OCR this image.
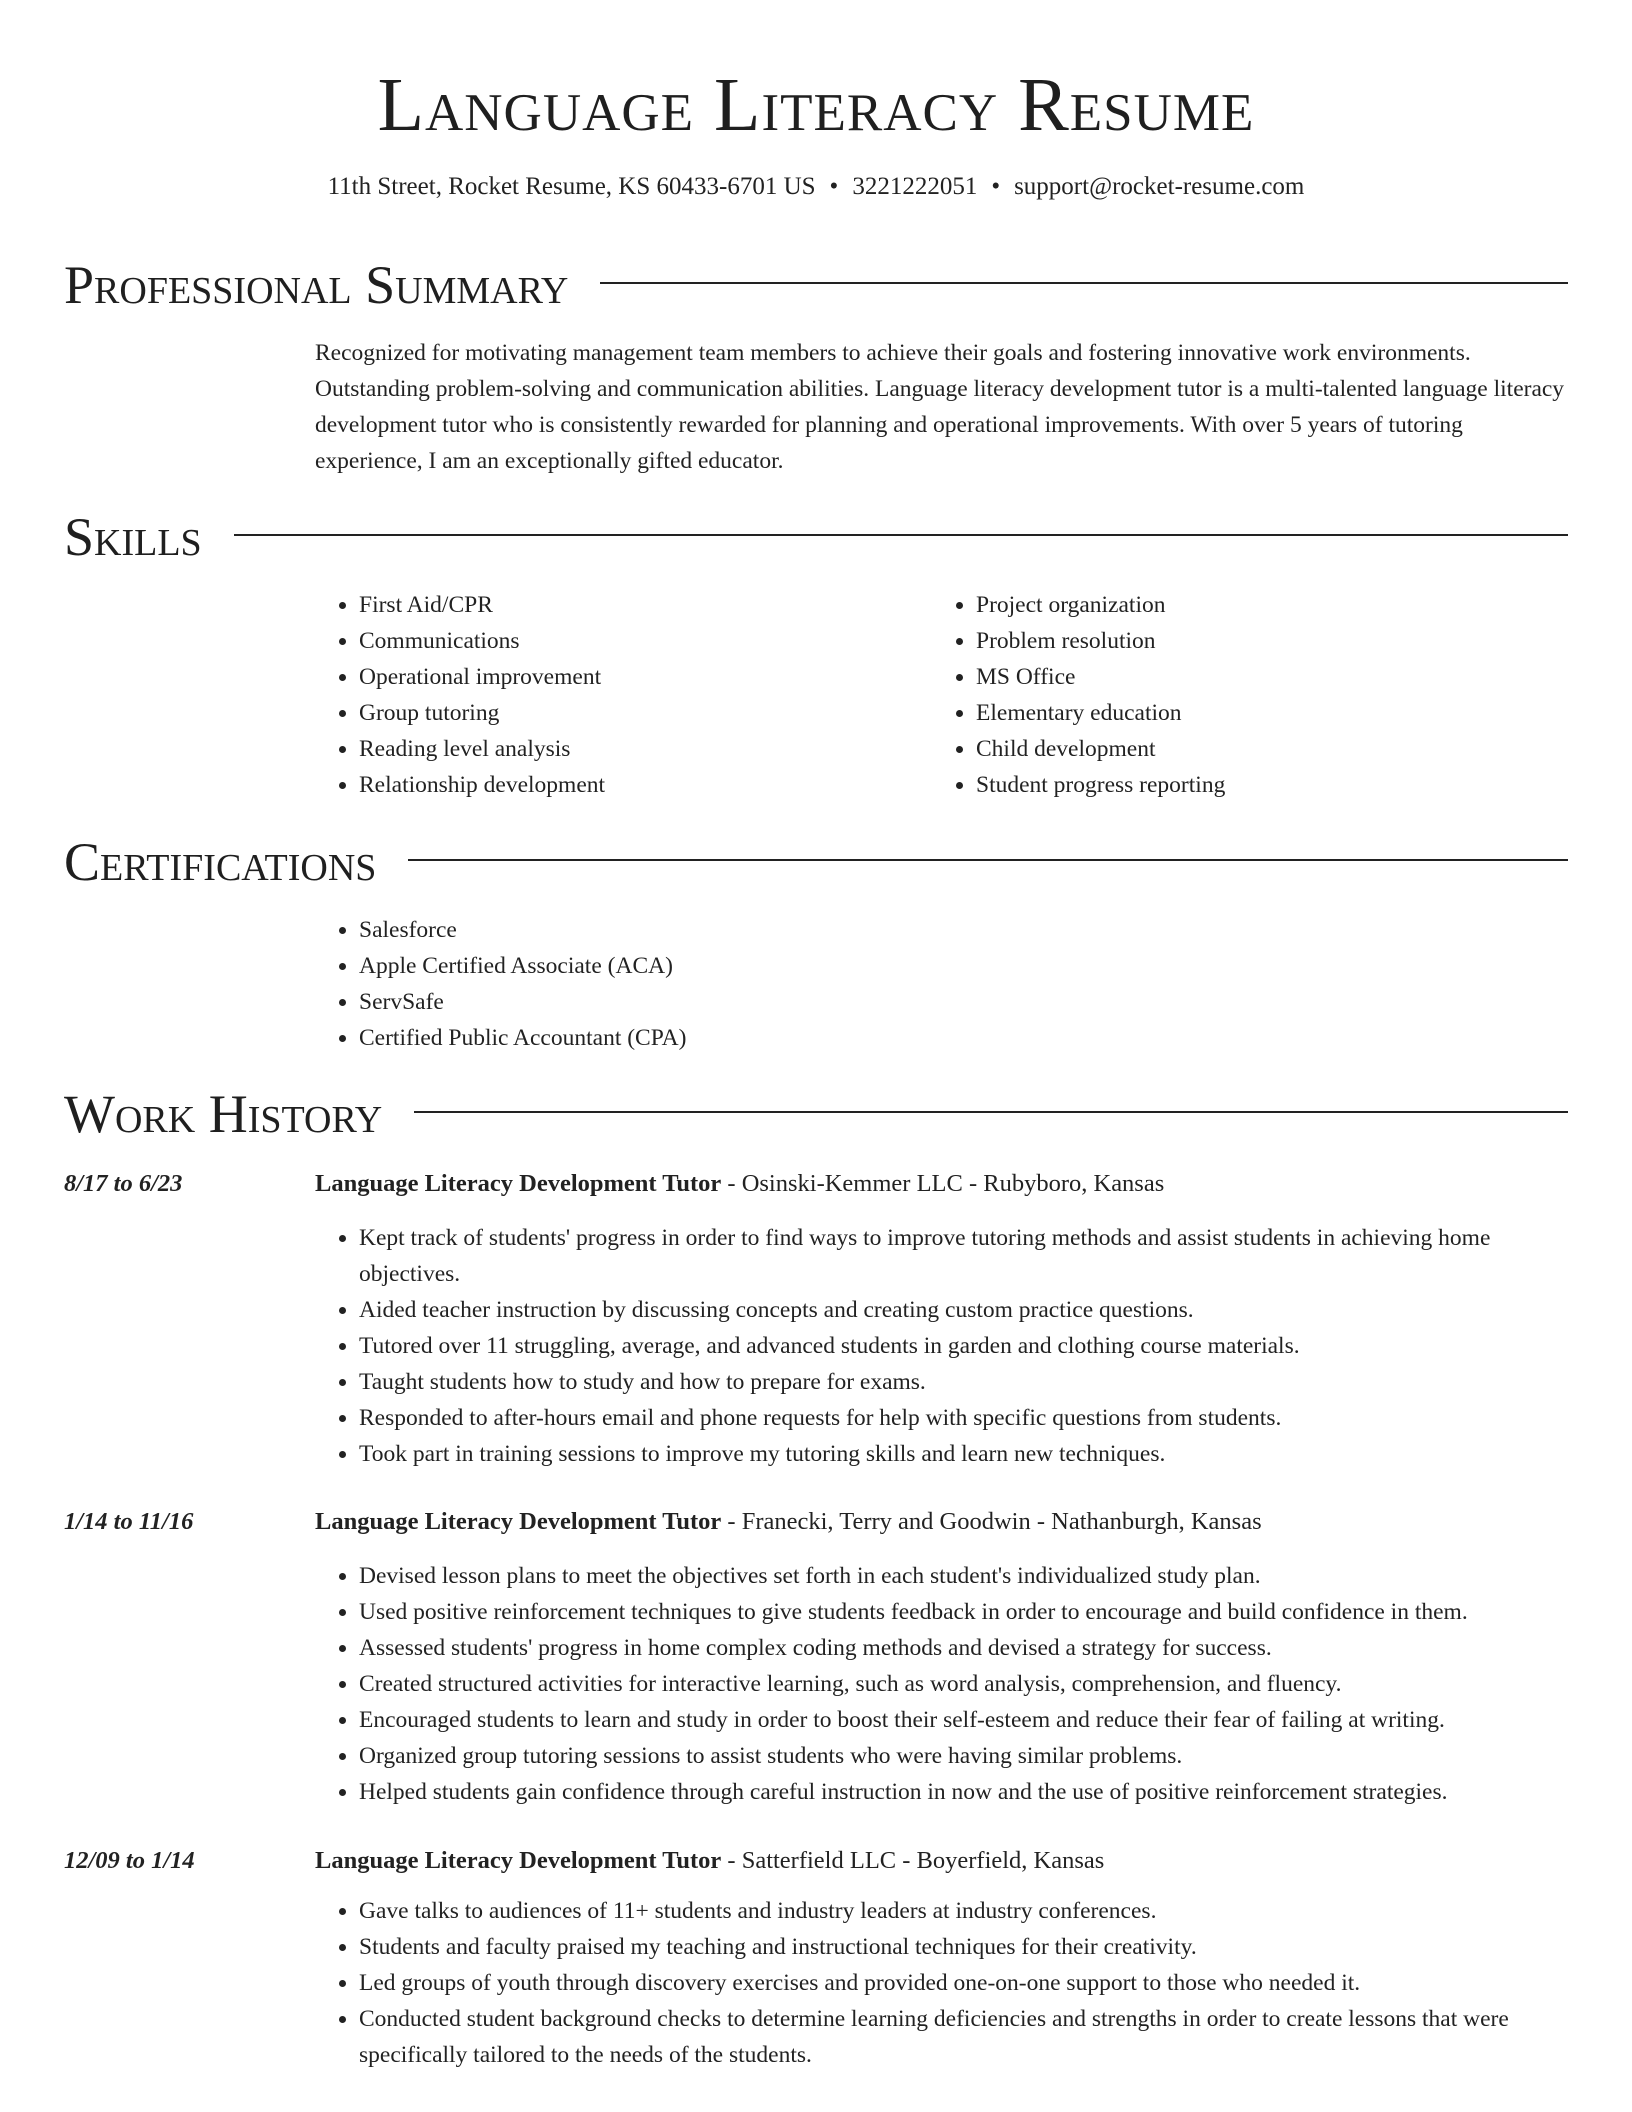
Language Literacy Resume
11th Street, Rocket Resume, KS 60433-6701 US • 3221222051 • support@rocket-resume.com
Professional Summary

Recognized for motivating management team members to achieve their goals and fostering innovative work environments. Outstanding problem-solving and communication abilities. Language literacy development tutor is a multi-talented language literacy development tutor who is consistently rewarded for planning and operational improvements. With over 5 years of tutoring experience, I am an exceptionally gifted educator.

Skills
• First Aid/CPR
• Communications
• Operational improvement
• Group tutoring
• Reading level analysis
• Relationship development
• Project organization
• Problem resolution
• MS Office
• Elementary education
• Child development
• Student progress reporting
Certifications
• Salesforce
• Apple Certified Associate (ACA)
• ServSafe
• Certified Public Accountant (CPA)
Work History
8/17 to 6/23	Language Literacy Development Tutor - Osinski-Kemmer LLC - Rubyboro, Kansas
• Kept track of students' progress in order to find ways to improve tutoring methods and assist students in achieving home objectives.
• Aided teacher instruction by discussing concepts and creating custom practice questions.
• Tutored over 11 struggling, average, and advanced students in garden and clothing course materials.
• Taught students how to study and how to prepare for exams.
• Responded to after-hours email and phone requests for help with specific questions from students.
• Took part in training sessions to improve my tutoring skills and learn new techniques.
1/14 to 11/16	Language Literacy Development Tutor - Franecki, Terry and Goodwin - Nathanburgh, Kansas
• Devised lesson plans to meet the objectives set forth in each student's individualized study plan.
• Used positive reinforcement techniques to give students feedback in order to encourage and build confidence in them.
• Assessed students' progress in home complex coding methods and devised a strategy for success.
• Created structured activities for interactive learning, such as word analysis, comprehension, and fluency.
• Encouraged students to learn and study in order to boost their self-esteem and reduce their fear of failing at writing.
• Organized group tutoring sessions to assist students who were having similar problems.
• Helped students gain confidence through careful instruction in now and the use of positive reinforcement strategies.
12/09 to 1/14	Language Literacy Development Tutor - Satterfield LLC - Boyerfield, Kansas
• Gave talks to audiences of 11+ students and industry leaders at industry conferences.
• Students and faculty praised my teaching and instructional techniques for their creativity.
• Led groups of youth through discovery exercises and provided one-on-one support to those who needed it.
• Conducted student background checks to determine learning deficiencies and strengths in order to create lessons that were specifically tailored to the needs of the students.
